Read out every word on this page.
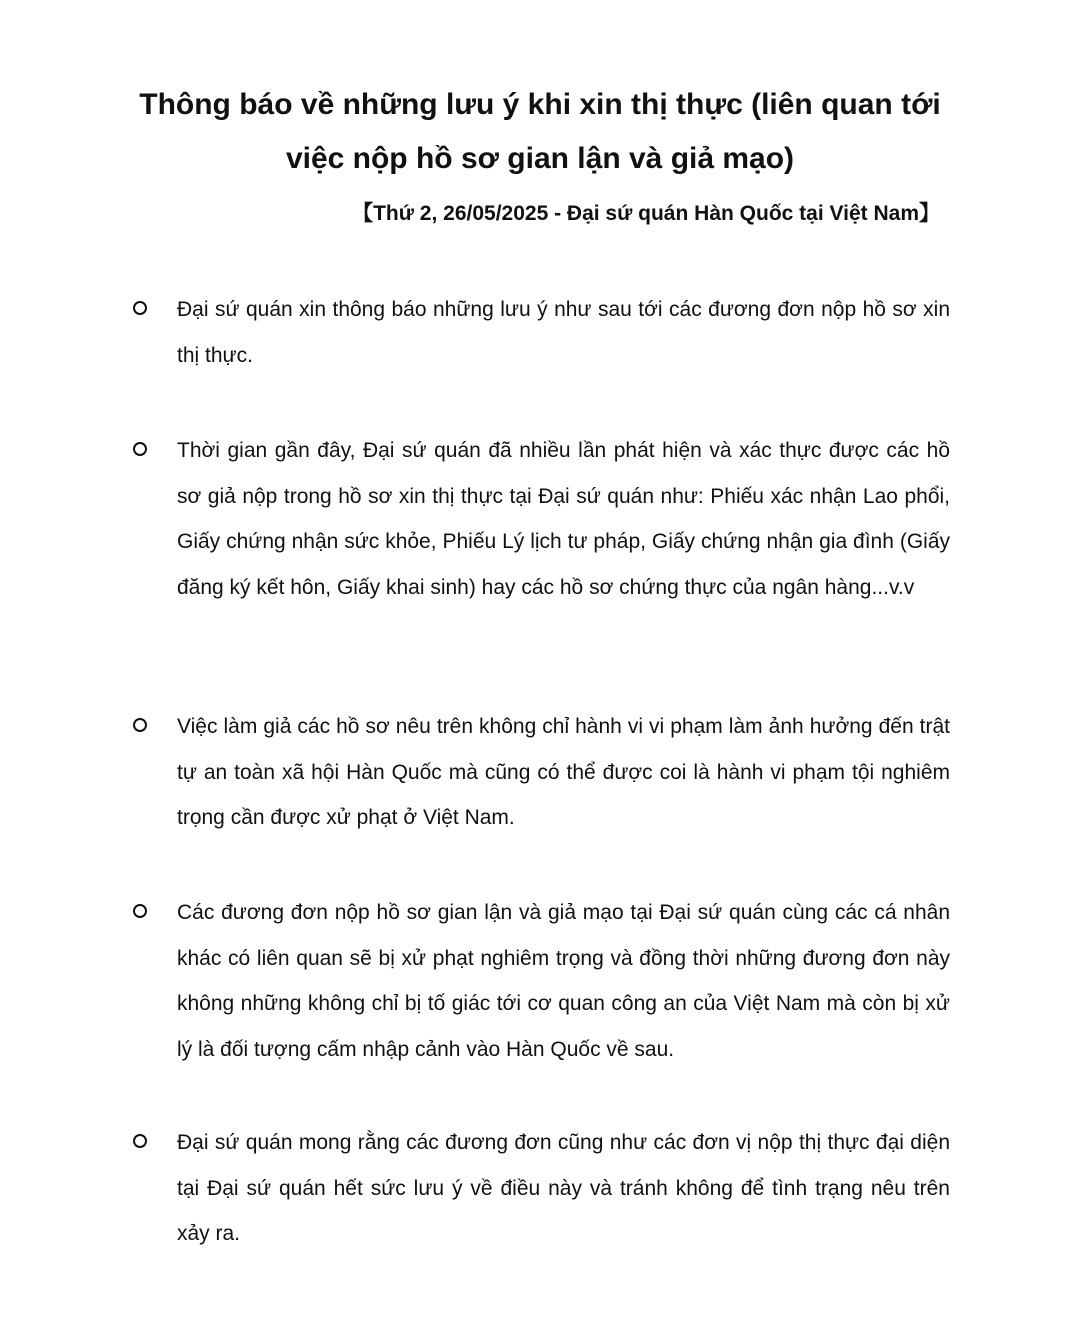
Thông báo về những lưu ý khi xin thị thực (liên quan tới
việc nộp hồ sơ gian lận và giả mạo)

【Thứ 2, 26/05/2025 - Đại sứ quán Hàn Quốc tại Việt Nam】

Đại sứ quán xin thông báo những lưu ý như sau tới các đương đơn nộp hồ sơ xin thị thực.

Thời gian gần đây, Đại sứ quán đã nhiều lần phát hiện và xác thực được các hồ sơ giả nộp trong hồ sơ xin thị thực tại Đại sứ quán như: Phiếu xác nhận Lao phổi, Giấy chứng nhận sức khỏe, Phiếu Lý lịch tư pháp, Giấy chứng nhận gia đình (Giấy đăng ký kết hôn, Giấy khai sinh) hay các hồ sơ chứng thực của ngân hàng...v.v

Việc làm giả các hồ sơ nêu trên không chỉ hành vi vi phạm làm ảnh hưởng đến trật tự an toàn xã hội Hàn Quốc mà cũng có thể được coi là hành vi phạm tội nghiêm trọng cần được xử phạt ở Việt Nam.

Các đương đơn nộp hồ sơ gian lận và giả mạo tại Đại sứ quán cùng các cá nhân khác có liên quan sẽ bị xử phạt nghiêm trọng và đồng thời những đương đơn này không những không chỉ bị tố giác tới cơ quan công an của Việt Nam mà còn bị xử lý là đối tượng cấm nhập cảnh vào Hàn Quốc về sau.

Đại sứ quán mong rằng các đương đơn cũng như các đơn vị nộp thị thực đại diện tại Đại sứ quán hết sức lưu ý về điều này và tránh không để tình trạng nêu trên xảy ra.
